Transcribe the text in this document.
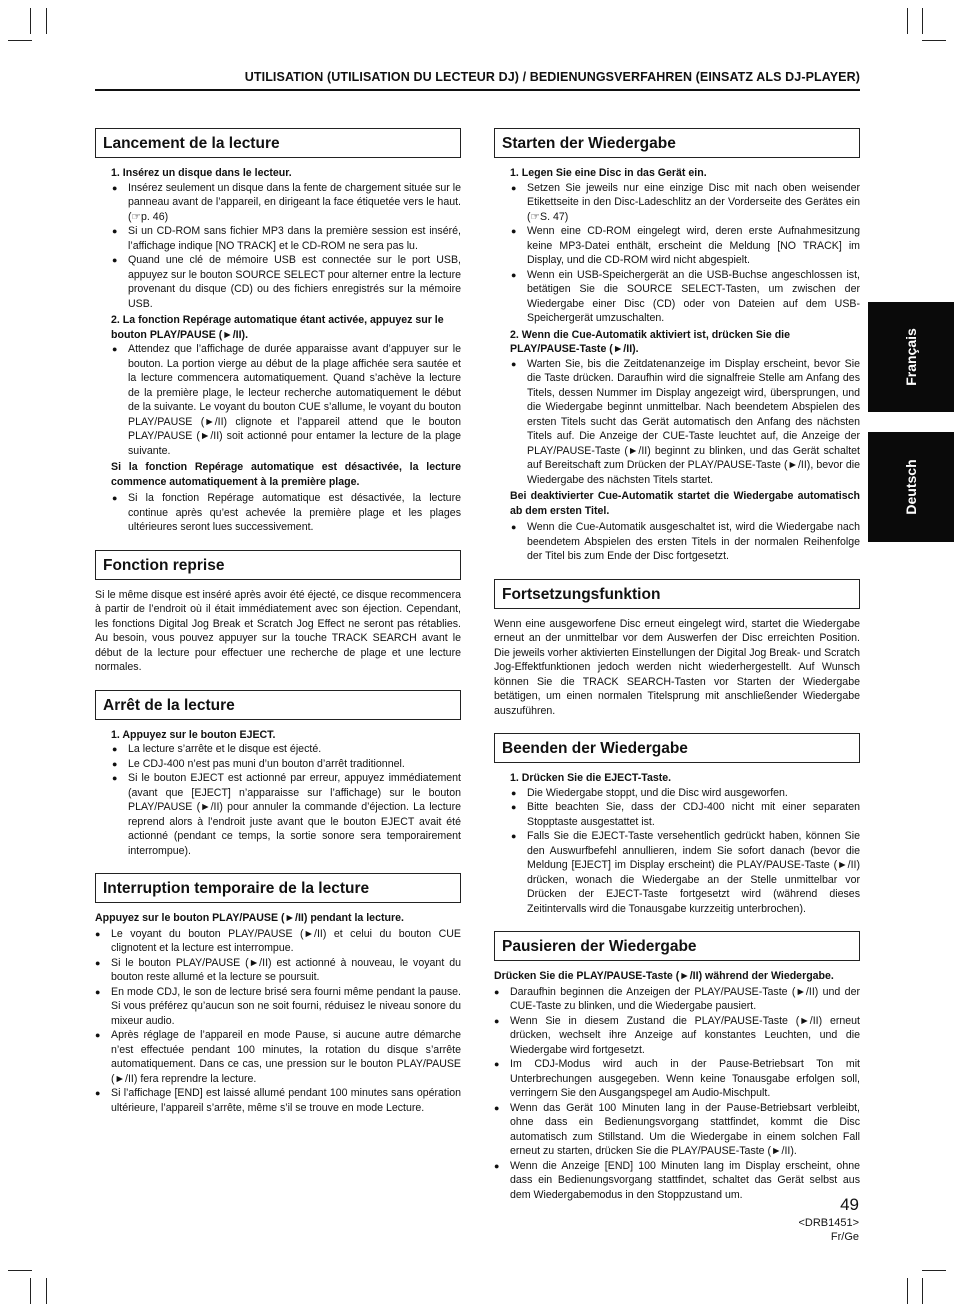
UTILISATION (UTILISATION DU LECTEUR DJ) / BEDIENUNGSVERFAHREN (EINSATZ ALS DJ-PLAYER)
Français
Deutsch
Lancement de la lecture
1. Insérez un disque dans le lecteur.
● Insérez seulement un disque dans la fente de chargement située sur le panneau avant de l’appareil, en dirigeant la face étiquetée vers le haut. (☞p. 46)
● Si un CD-ROM sans fichier MP3 dans la première session est inséré, l’affichage indique [NO TRACK] et le CD-ROM ne sera pas lu.
● Quand une clé de mémoire USB est connectée sur le port USB, appuyez sur le bouton SOURCE SELECT pour alterner entre la lecture provenant du disque (CD) ou des fichiers enregistrés sur la mémoire USB.
2. La fonction Repérage automatique étant activée, appuyez sur le bouton PLAY/PAUSE (►/II).
● Attendez que l’affichage de durée apparaisse avant d’appuyer sur le bouton. La portion vierge au début de la plage affichée sera sautée et la lecture commencera automatiquement. Quand s’achève la lecture de la première plage, le lecteur recherche automatiquement le début de la suivante. Le voyant du bouton CUE s’allume, le voyant du bouton PLAY/PAUSE (►/II) clignote et l’appareil attend que le bouton PLAY/PAUSE (►/II) soit actionné pour entamer la lecture de la plage suivante.
Si la fonction Repérage automatique est désactivée, la lecture commence automatiquement à la première plage.
● Si la fonction Repérage automatique est désactivée, la lecture continue après qu’est achevée la première plage et les plages ultérieures seront lues successivement.
Fonction reprise
Si le même disque est inséré après avoir été éjecté, ce disque recommencera à partir de l’endroit où il était immédiatement avec son éjection. Cependant, les fonctions Digital Jog Break et Scratch Jog Effect ne seront pas rétablies. Au besoin, vous pouvez appuyer sur la touche TRACK SEARCH avant le début de la lecture pour effectuer une recherche de plage et une lecture normales.
Arrêt de la lecture
1. Appuyez sur le bouton EJECT.
● La lecture s’arrête et le disque est éjecté.
● Le CDJ-400 n’est pas muni d’un bouton d’arrêt traditionnel.
● Si le bouton EJECT est actionné par erreur, appuyez immédiatement (avant que [EJECT] n’apparaisse sur l’affichage) sur le bouton PLAY/PAUSE (►/II) pour annuler la commande d’éjection. La lecture reprend alors à l’endroit juste avant que le bouton EJECT avait été actionné (pendant ce temps, la sortie sonore sera temporairement interrompue).
Interruption temporaire de la lecture
Appuyez sur le bouton PLAY/PAUSE (►/II) pendant la lecture.
● Le voyant du bouton PLAY/PAUSE (►/II) et celui du bouton CUE clignotent et la lecture est interrompue.
● Si le bouton PLAY/PAUSE (►/II) est actionné à nouveau, le voyant du bouton reste allumé et la lecture se poursuit.
● En mode CDJ, le son de lecture brisé sera fourni même pendant la pause. Si vous préférez qu’aucun son ne soit fourni, réduisez le niveau sonore du mixeur audio.
● Après réglage de l’appareil en mode Pause, si aucune autre démarche n’est effectuée pendant 100 minutes, la rotation du disque s’arrête automatiquement. Dans ce cas, une pression sur le bouton PLAY/PAUSE (►/II) fera reprendre la lecture.
● Si l’affichage [END] est laissé allumé pendant 100 minutes sans opération ultérieure, l’appareil s’arrête, même s’il se trouve en mode Lecture.
Starten der Wiedergabe
1. Legen Sie eine Disc in das Gerät ein.
● Setzen Sie jeweils nur eine einzige Disc mit nach oben weisender Etikettseite in den Disc-Ladeschlitz an der Vorderseite des Gerätes ein (☞S. 47)
● Wenn eine CD-ROM eingelegt wird, deren erste Aufnahmesitzung keine MP3-Datei enthält, erscheint die Meldung [NO TRACK] im Display, und die CD-ROM wird nicht abgespielt.
● Wenn ein USB-Speichergerät an die USB-Buchse angeschlossen ist, betätigen Sie die SOURCE SELECT-Tasten, um zwischen der Wiedergabe einer Disc (CD) oder von Dateien auf dem USB-Speichergerät umzuschalten.
2. Wenn die Cue-Automatik aktiviert ist, drücken Sie die PLAY/PAUSE-Taste (►/II).
● Warten Sie, bis die Zeitdatenanzeige im Display erscheint, bevor Sie die Taste drücken. Daraufhin wird die signalfreie Stelle am Anfang des Titels, dessen Nummer im Display angezeigt wird, übersprungen, und die Wiedergabe beginnt unmittelbar. Nach beendetem Abspielen des ersten Titels sucht das Gerät automatisch den Anfang des nächsten Titels auf. Die Anzeige der CUE-Taste leuchtet auf, die Anzeige der PLAY/PAUSE-Taste (►/II) beginnt zu blinken, und das Gerät schaltet auf Bereitschaft zum Drücken der PLAY/PAUSE-Taste (►/II), bevor die Wiedergabe des nächsten Titels startet.
Bei deaktivierter Cue-Automatik startet die Wiedergabe automatisch ab dem ersten Titel.
● Wenn die Cue-Automatik ausgeschaltet ist, wird die Wiedergabe nach beendetem Abspielen des ersten Titels in der normalen Reihenfolge der Titel bis zum Ende der Disc fortgesetzt.
Fortsetzungsfunktion
Wenn eine ausgeworfene Disc erneut eingelegt wird, startet die Wiedergabe erneut an der unmittelbar vor dem Auswerfen der Disc erreichten Position. Die jeweils vorher aktivierten Einstellungen der Digital Jog Break- und Scratch Jog-Effektfunktionen jedoch werden nicht wiederhergestellt. Auf Wunsch können Sie die TRACK SEARCH-Tasten vor Starten der Wiedergabe betätigen, um einen normalen Titelsprung mit anschließender Wiedergabe auszuführen.
Beenden der Wiedergabe
1. Drücken Sie die EJECT-Taste.
● Die Wiedergabe stoppt, und die Disc wird ausgeworfen.
● Bitte beachten Sie, dass der CDJ-400 nicht mit einer separaten Stopptaste ausgestattet ist.
● Falls Sie die EJECT-Taste versehentlich gedrückt haben, können Sie den Auswurfbefehl annullieren, indem Sie sofort danach (bevor die Meldung [EJECT] im Display erscheint) die PLAY/PAUSE-Taste (►/II) drücken, wonach die Wiedergabe an der Stelle unmittelbar vor Drücken der EJECT-Taste fortgesetzt wird (während dieses Zeitintervalls wird die Tonausgabe kurzzeitig unterbrochen).
Pausieren der Wiedergabe
Drücken Sie die PLAY/PAUSE-Taste (►/II) während der Wiedergabe.
● Daraufhin beginnen die Anzeigen der PLAY/PAUSE-Taste (►/II) und der CUE-Taste zu blinken, und die Wiedergabe pausiert.
● Wenn Sie in diesem Zustand die PLAY/PAUSE-Taste (►/II) erneut drücken, wechselt ihre Anzeige auf konstantes Leuchten, und die Wiedergabe wird fortgesetzt.
● Im CDJ-Modus wird auch in der Pause-Betriebsart Ton mit Unterbrechungen ausgegeben. Wenn keine Tonausgabe erfolgen soll, verringern Sie den Ausgangspegel am Audio-Mischpult.
● Wenn das Gerät 100 Minuten lang in der Pause-Betriebsart verbleibt, ohne dass ein Bedienungsvorgang stattfindet, kommt die Disc automatisch zum Stillstand. Um die Wiedergabe in einem solchen Fall erneut zu starten, drücken Sie die PLAY/PAUSE-Taste (►/II).
● Wenn die Anzeige [END] 100 Minuten lang im Display erscheint, ohne dass ein Bedienungsvorgang stattfindet, schaltet das Gerät selbst aus dem Wiedergabemodus in den Stoppzustand um.
49
<DRB1451>
Fr/Ge
